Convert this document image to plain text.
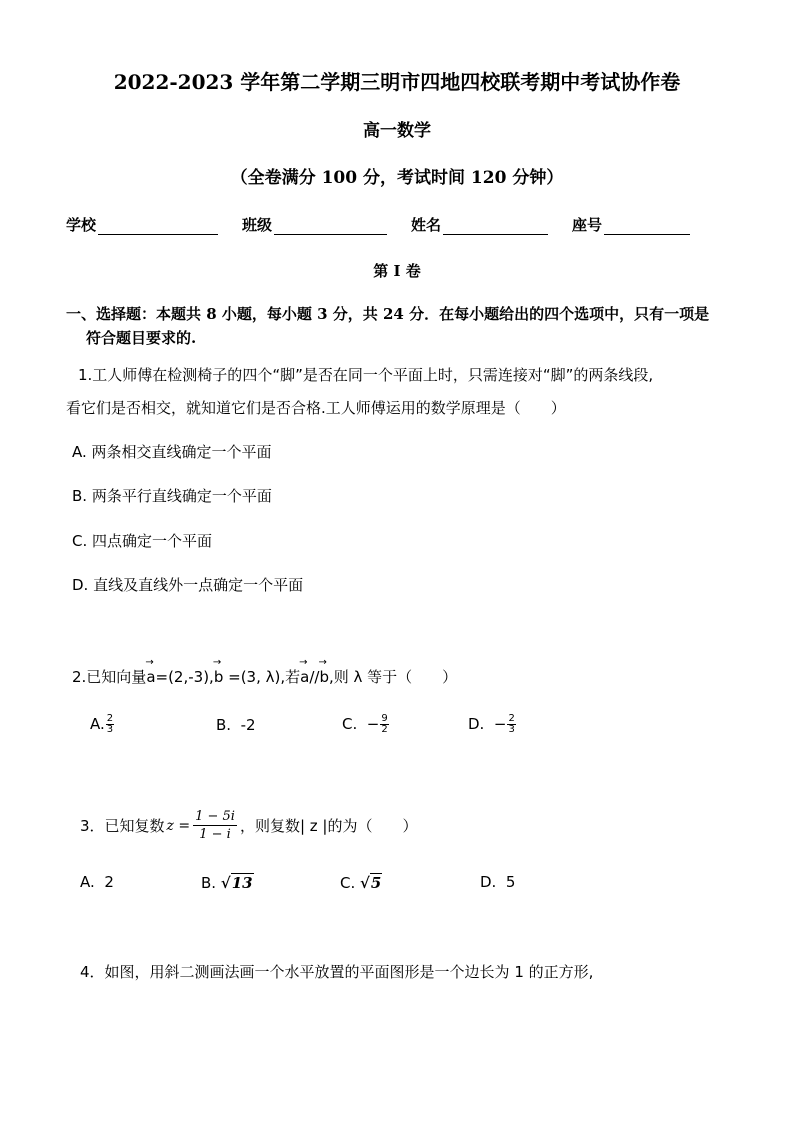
2022-2023 学年第二学期三明市四地四校联考期中考试协作卷
高一数学
（全卷满分 100 分，考试时间 120 分钟）
学校	班级	姓名	座号
第 I 卷
一、选择题：本题共 8 小题，每小题 3 分，共 24 分．在每小题给出的四个选项中，只有一项是
符合题目要求的.
1.工人师傅在检测椅子的四个“脚”是否在同一个平面上时，只需连接对“脚”的两条线段,
看它们是否相交，就知道它们是否合格.工人师傅运用的数学原理是（　　）
A. 两条相交直线确定一个平面
B. 两条平行直线确定一个平面
C. 四点确定一个平面
D. 直线及直线外一点确定一个平面
2.已知向量→ a=(2,-3),→ b =(3, λ),若→ a//→ b,则 λ 等于（　　）
A. $\frac{2}{3}$	B. -2	C. − $\frac{9}{2}$	D. − $\frac{2}{3}$
3．已知复数 $z = \frac{1 - 5i}{1 - i}$ ，则复数| z |的为（　　）
A. 2	B. √ 13	C. √ 5	D. 5
4．如图，用斜二测画法画一个水平放置的平面图形是一个边长为 1 的正方形,
